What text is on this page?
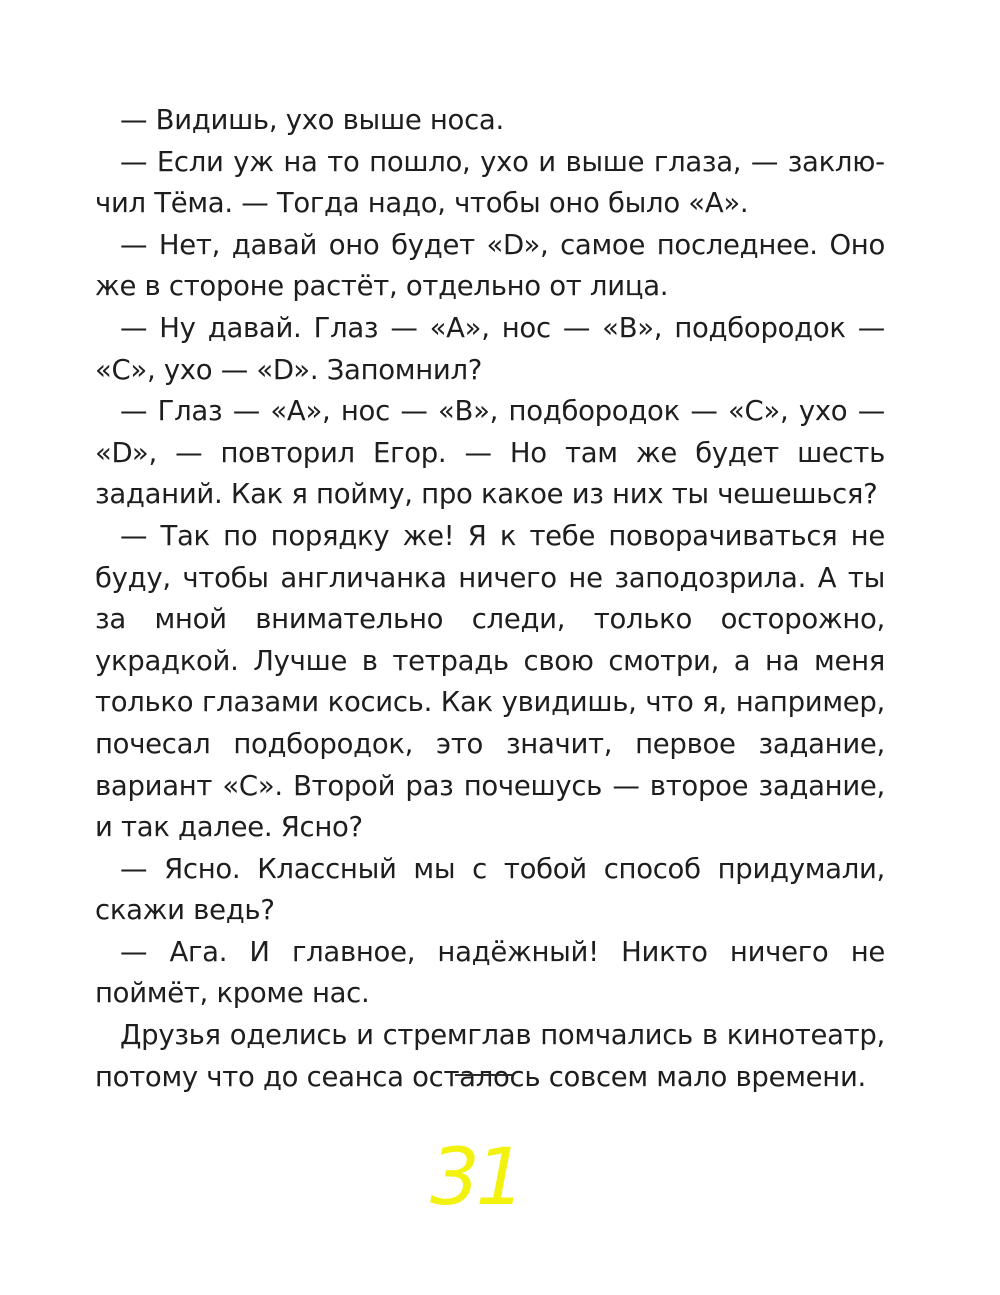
— Видишь, ухо выше носа.

— Если уж на то пошло, ухо и выше глаза, — заключил Тёма. — Тогда надо, чтобы оно было «А».

— Нет, давай оно будет «D», самое последнее. Оно же в стороне растёт, отдельно от лица.

— Ну давай. Глаз — «А», нос — «В», подбородок — «С», ухо — «D». Запомнил?

— Глаз — «А», нос — «В», подбородок — «С», ухо — «D», — повторил Егор. — Но там же будет шесть заданий. Как я пойму, про какое из них ты чешешься?

— Так по порядку же! Я к тебе поворачиваться не буду, чтобы англичанка ничего не заподозрила. А ты за мной внимательно следи, только осторожно, украдкой. Лучше в тетрадь свою смотри, а на меня только глазами косись. Как увидишь, что я, например, почесал подбородок, это значит, первое задание, вариант «С». Второй раз почешусь — второе задание, и так далее. Ясно?

— Ясно. Классный мы с тобой способ придумали, скажи ведь?

— Ага. И главное, надёжный! Никто ничего не поймёт, кроме нас.

Друзья оделись и стремглав помчались в кинотеатр, потому что до сеанса осталось совсем мало времени.

31
